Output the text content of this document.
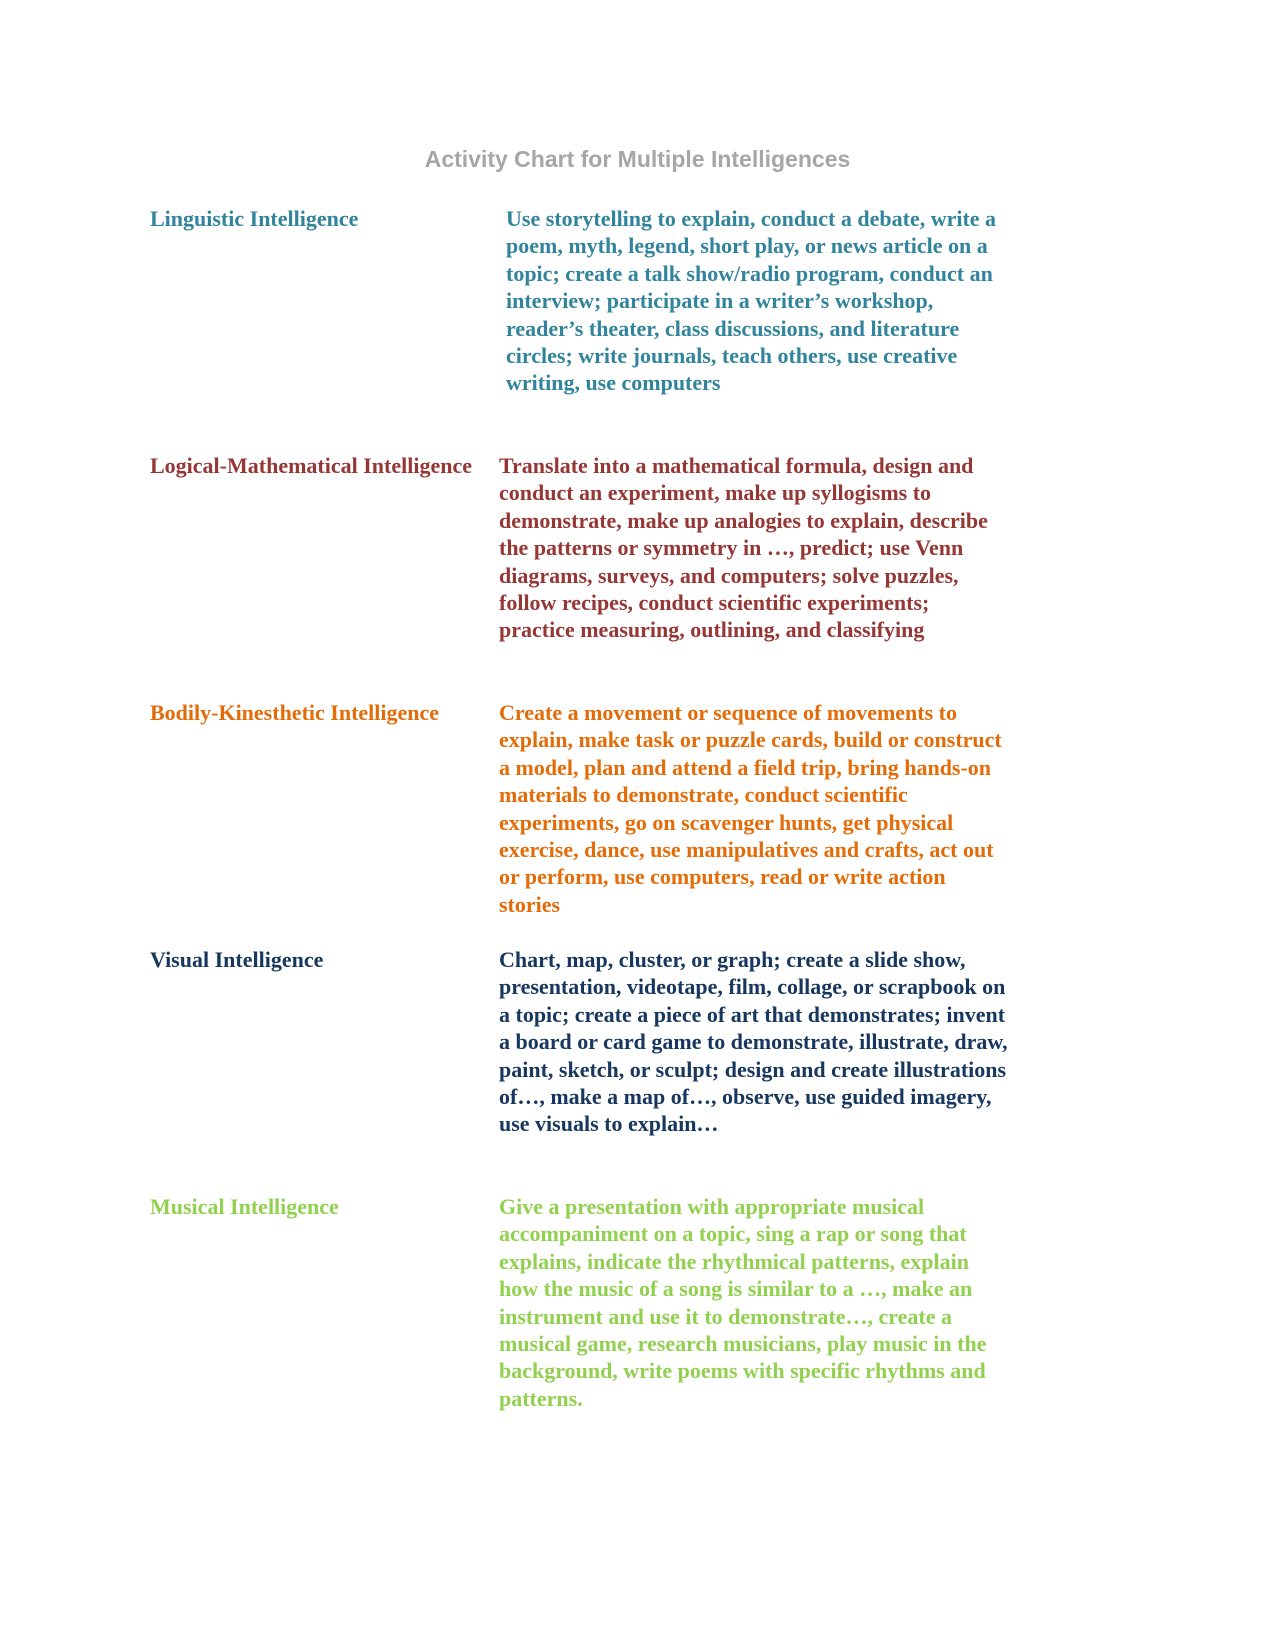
Activity Chart for Multiple Intelligences

Linguistic Intelligence	Use storytelling to explain, conduct a debate, write a poem, myth, legend, short play, or news article on a topic; create a talk show/radio program, conduct an interview; participate in a writer’s workshop, reader’s theater, class discussions, and literature circles; write journals, teach others, use creative writing, use computers

Logical-Mathematical Intelligence	Translate into a mathematical formula, design and conduct an experiment, make up syllogisms to demonstrate, make up analogies to explain, describe the patterns or symmetry in …, predict; use Venn diagrams, surveys, and computers; solve puzzles, follow recipes, conduct scientific experiments; practice measuring, outlining, and classifying

Bodily-Kinesthetic Intelligence	Create a movement or sequence of movements to explain, make task or puzzle cards, build or construct a model, plan and attend a field trip, bring hands-on materials to demonstrate, conduct scientific experiments, go on scavenger hunts, get physical exercise, dance, use manipulatives and crafts, act out or perform, use computers, read or write action stories

Visual Intelligence	Chart, map, cluster, or graph; create a slide show, presentation, videotape, film, collage, or scrapbook on a topic; create a piece of art that demonstrates; invent a board or card game to demonstrate, illustrate, draw, paint, sketch, or sculpt; design and create illustrations of…, make a map of…, observe, use guided imagery, use visuals to explain…

Musical Intelligence	Give a presentation with appropriate musical accompaniment on a topic, sing a rap or song that explains, indicate the rhythmical patterns, explain how the music of a song is similar to a …, make an instrument and use it to demonstrate…, create a musical game, research musicians, play music in the background, write poems with specific rhythms and patterns.
